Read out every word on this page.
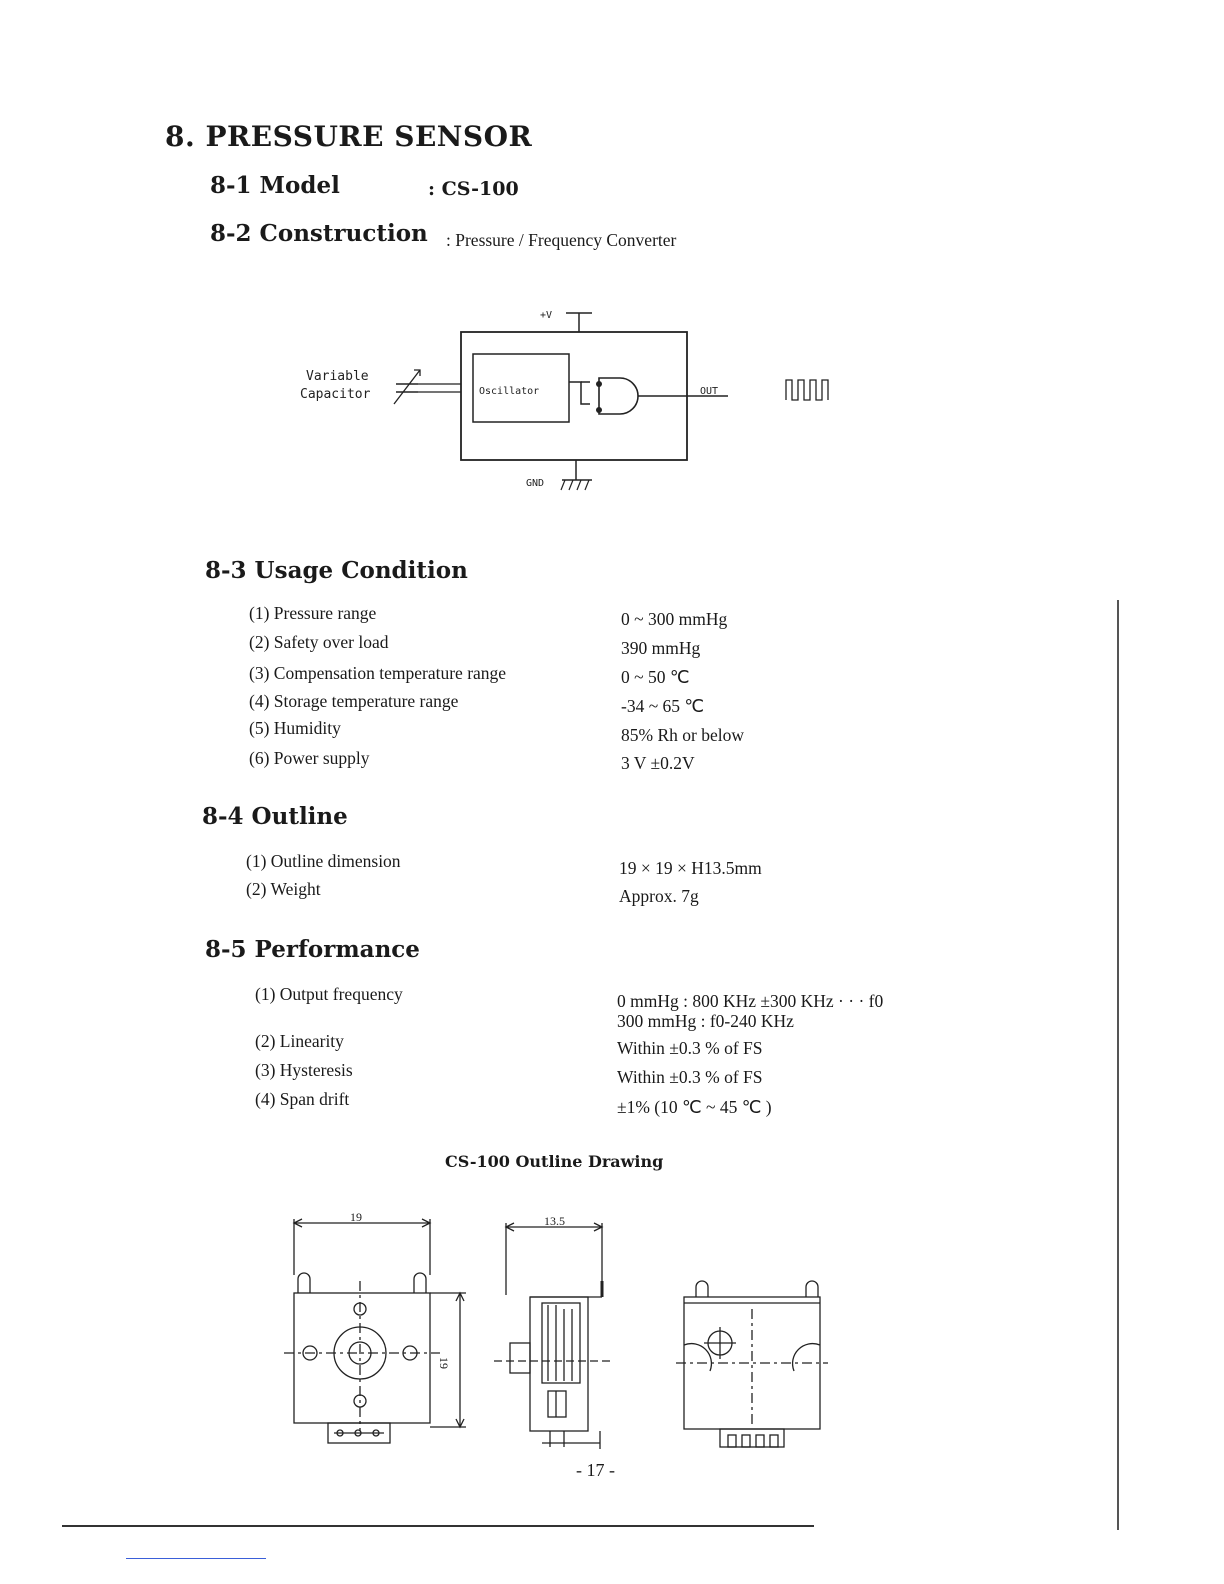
8. PRESSURE SENSOR
8-1 Model	: CS-100
8-2 Construction : Pressure / Frequency Converter
+V
Oscillator	OUT
Variable
Capacitor
GND
8-3 Usage Condition
(1) Pressure range	0 ~ 300 mmHg
(2) Safety over load	390 mmHg
(3) Compensation temperature range	0 ~ 50 ℃
(4) Storage temperature range	-34 ~ 65 ℃
(5) Humidity	85% Rh or below
(6) Power supply	3 V ±0.2V
8-4 Outline
(1) Outline dimension	19 × 19 × H13.5mm
(2) Weight	Approx. 7g
8-5 Performance
(1) Output frequency	0 mmHg : 800 KHz ±300 KHz · · · f0
300 mmHg : f0-240 KHz
(2) Linearity	Within ±0.3 % of FS
(3) Hysteresis	Within ±0.3 % of FS
(4) Span drift	±1% (10 ℃ ~ 45 ℃ )
CS-100 Outline Drawing
19	13.5
19
- 17 -
